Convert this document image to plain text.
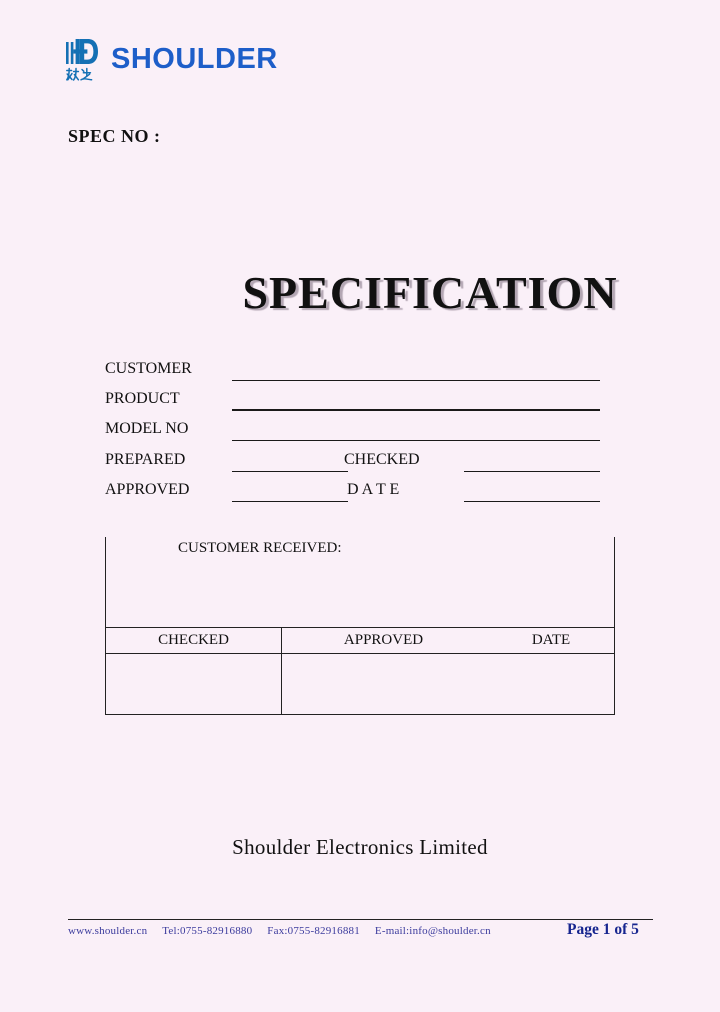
SHOULDER
SPEC NO :
SPECIFICATION
CUSTOMER
PRODUCT
MODEL NO
PREPARED	CHECKED
APPROVED	D A T E
CUSTOMER RECEIVED:
CHECKED	APPROVED	DATE
Shoulder Electronics Limited
www.shoulder.cn Tel:0755-82916880 Fax:0755-82916881 E-mail:info@shoulder.cn	Page 1 of 5
